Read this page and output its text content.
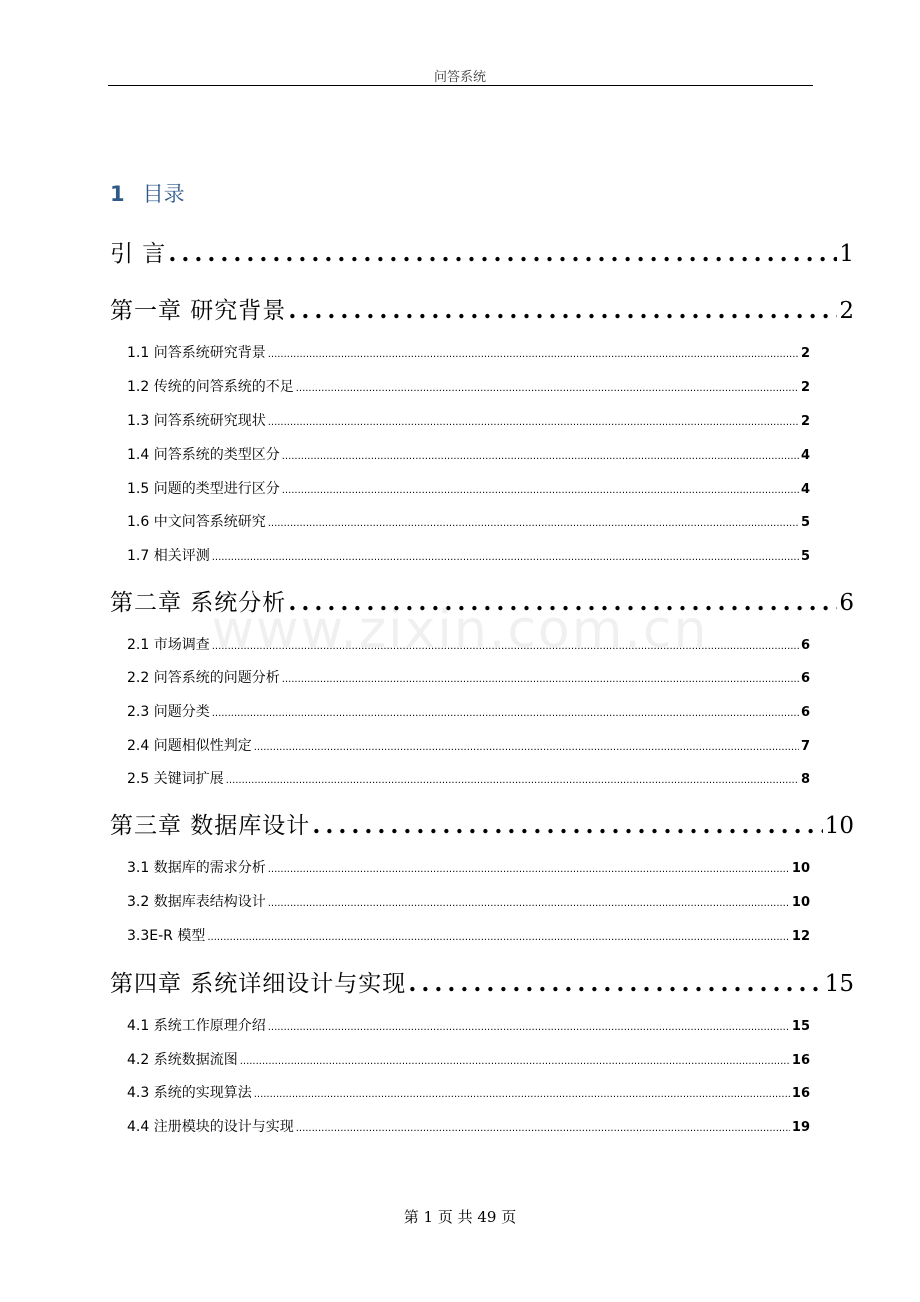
问答系统
1 目录
www.zixin.com.cn
引 言 .....	1
第一章 研究背景 .....	2
1.1 问答系统研究背景 .....	2
1.2 传统的问答系统的不足 .....	2
1.3 问答系统研究现状 .....	2
1.4 问答系统的类型区分 .....	4
1.5 问题的类型进行区分 .....	4
1.6 中文问答系统研究 .....	5
1.7 相关评测 .....	5
第二章 系统分析 .....	6
2.1 市场调查 .....	6
2.2 问答系统的问题分析 .....	6
2.3 问题分类 .....	6
2.4 问题相似性判定 .....	7
2.5 关键词扩展 .....	8
第三章 数据库设计 .....	10
3.1 数据库的需求分析 .....	10
3.2 数据库表结构设计 .....	10
3.3E-R 模型 .....	12
第四章 系统详细设计与实现 .....	15
4.1 系统工作原理介绍 .....	15
4.2 系统数据流图 .....	16
4.3 系统的实现算法 .....	16
4.4 注册模块的设计与实现 .....	19
第 1 页 共 49 页
